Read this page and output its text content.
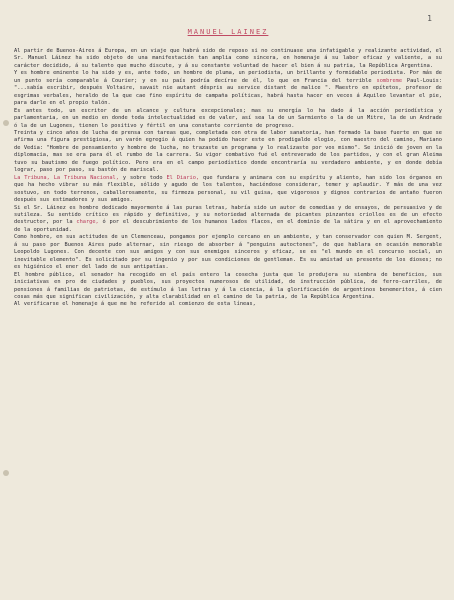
1
MANUEL LAINEZ

Al partir de Buenos-Aires á Europa, en un viaje que habrá sido de reposo si no continuase una infatigable y realizante actividad, el Sr. Manuel Láinez ha sido objeto de una manifestación tan amplia como sincera, en homenaje á su labor eficaz y valiente, a su carácter decidido, á su talento que mucho discute, y á su constante voluntad de hacer el bien á su patria, la República Argentina.

Y es hombre eminente lo ha sido y es, ante todo, un hombre de pluma, un periodista, un brillante y formidable periodista. Por más de un punto sería comparable á Courier; y en su país podría decírse de él, lo que en Francia del terrible sombreme Paul-Louis: "...sabía escribir, después Voltaire, savait nie autant dêspris au service distant de malice ". Maestro en epítetos, profesor de esgrimas verbales, heraldo de la que cae fino espíritu de campaña políticas, habrá hasta hacer en veces á Aquileo levantar el pie, para darle en el propio talón.

Es antes todo, un escritor de un alcance y cultura excepcionales; mas su energía lo ha dado á la acción periodística y parlamentaria, en un medio en donde toda intelectualidad es de valer, así sea la de un Sarmiento o la de un Mitre, la de un Andrade ó la de un Lugones, tienen lo positivo y fértil en una constante corriente de progreso.

Treinta y cinco años de lucha de prensa con tareas que, completada con otra de labor sanatoria, han formado la base fuerte en que se afirma una figura prestigiosa, un varón egregio á quien ha podido hacer este en prodigalde elogio, con maestro del camino, Mariano de Vedia: "Hombre de pensamiento y hombre de lucha, no trazaste un programa y lo realizaste por vos mismo". Se inició de joven en la diplomacia, mas se era para él el rumbo de la carrera. Su vigor combativo fué el entreverado de los partidos, y con el gran Aleima tuvo su bautismo de fuego político. Pero era en el campo periodístico donde encontraría su verdadero ambiente, y en donde debía lograr, paso por paso, su bastón de mariscal.

La Tribuna, La Tribuna Nacional, y sobre todo El Diario, que fundara y animara con su espíritu y aliento, han sido los órganos en que ha hecho vibrar su más flexible, sólido y agudo de los talentos, haciéndose considerar, temer y aplaudir. Y más de una vez sostuvo, en todo terrenos, caballerosamente, su firmeza personal, su vil guisa, que vigorosos y dignos contrarios de antaño fueron después sus estimadores y sus amigos.

Si el Sr. Láinez es hombre dedicado mayormente á las puras letras, habría sido un autor de comedias y de ensayos, de persuasivo y de sutileza. Su sentido crítico es rápido y definitivo, y su notoriedad alternada de picantes pinzantes criollos es de un efecto destructor, por la charge, ó por el descubrimiento de los humanos lados flacos, en el dominio de la sátira y en el aprovechamiento de la oportunidad.

Como hombre, en sus actitudes de un Clemenceau, pongamos por ejemplo cercano en un ambiente, y tan conservador con quien M. Sergent, á su paso por Buenos Aires pudo alternar, sin riesgo de absorber á "penguins autoctones", de que hablara en ocasión memorable Leopoldo Lugones. Con decente con sus amigos y con sus enemigos sinceros y eficaz, se es "el mundo en el concurso social, un inevitable elemento". Es solicitado por su ingenio y por sus condiciones de gentleman. Es su amistad un presente de los dioses; no es higiénico el ener del lado de sus antipatías.

El hombre público, el senador ha recogido en el país entero la cosecha justa que le produjera su siembra de beneficios, sus iniciativas en pro de ciudades y pueblos, sus proyectos numerosos de utilidad, de instrucción pública, de ferro-carriles, de pensiones á familias de patriotas, de estímulo á las letras y á la ciencia, á la glorificación de argentinos benemeritos, á cien cosas más que significan civilización, y alta clarabilidad en el camino de la patria, de la República Argentina.

Al verificarse el homenaje á que me he referido al comienzo de esta líneas,
